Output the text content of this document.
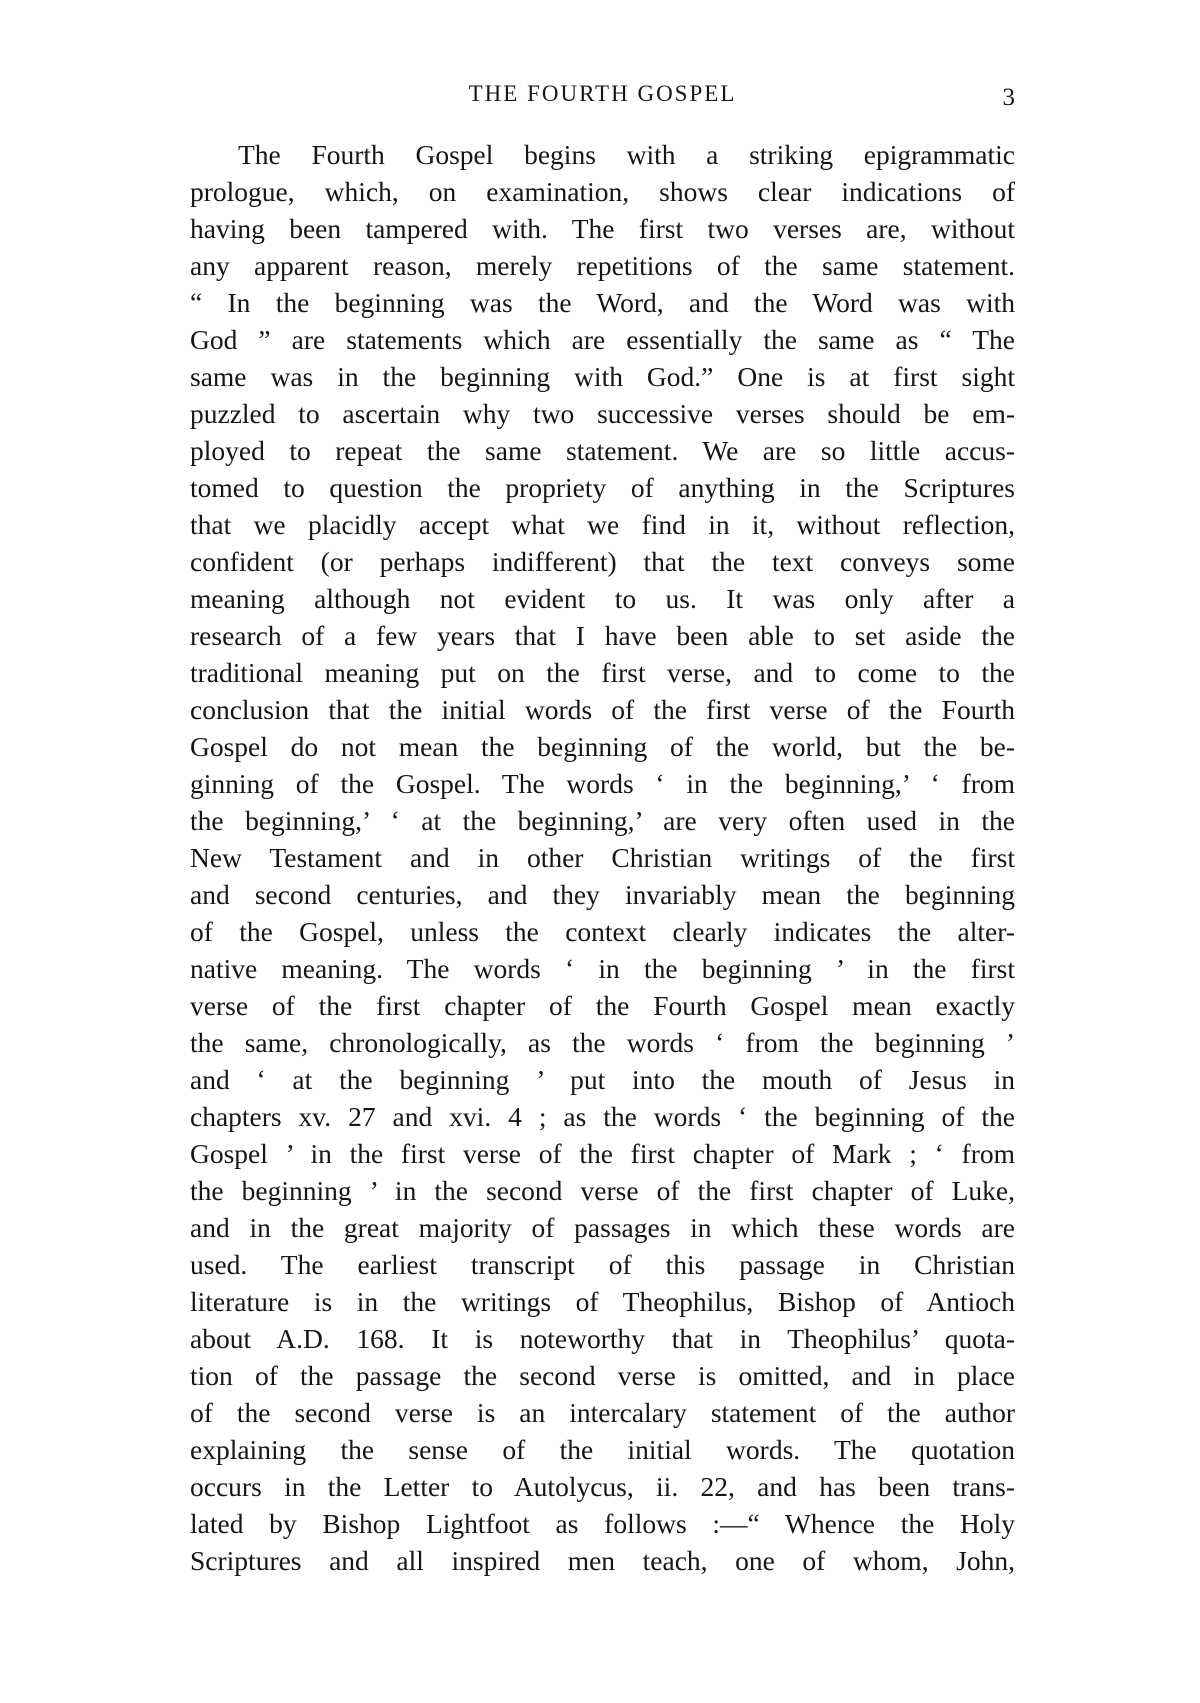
THE FOURTH GOSPEL	3
The Fourth Gospel begins with a striking epigrammatic
prologue, which, on examination, shows clear indications of
having been tampered with. The first two verses are, without
any apparent reason, merely repetitions of the same statement.
“ In the beginning was the Word, and the Word was with
God ” are statements which are essentially the same as “ The
same was in the beginning with God.” One is at first sight
puzzled to ascertain why two successive verses should be em-
ployed to repeat the same statement. We are so little accus-
tomed to question the propriety of anything in the Scriptures
that we placidly accept what we find in it, without reflection,
confident (or perhaps indifferent) that the text conveys some
meaning although not evident to us. It was only after a
research of a few years that I have been able to set aside the
traditional meaning put on the first verse, and to come to the
conclusion that the initial words of the first verse of the Fourth
Gospel do not mean the beginning of the world, but the be-
ginning of the Gospel. The words ‘ in the beginning,’ ‘ from
the beginning,’ ‘ at the beginning,’ are very often used in the
New Testament and in other Christian writings of the first
and second centuries, and they invariably mean the beginning
of the Gospel, unless the context clearly indicates the alter-
native meaning. The words ‘ in the beginning ’ in the first
verse of the first chapter of the Fourth Gospel mean exactly
the same, chronologically, as the words ‘ from the beginning ’
and ‘ at the beginning ’ put into the mouth of Jesus in
chapters xv. 27 and xvi. 4 ; as the words ‘ the beginning of the
Gospel ’ in the first verse of the first chapter of Mark ; ‘ from
the beginning ’ in the second verse of the first chapter of Luke,
and in the great majority of passages in which these words are
used. The earliest transcript of this passage in Christian
literature is in the writings of Theophilus, Bishop of Antioch
about A.D. 168. It is noteworthy that in Theophilus’ quota-
tion of the passage the second verse is omitted, and in place
of the second verse is an intercalary statement of the author
explaining the sense of the initial words. The quotation
occurs in the Letter to Autolycus, ii. 22, and has been trans-
lated by Bishop Lightfoot as follows :—“ Whence the Holy
Scriptures and all inspired men teach, one of whom, John,
